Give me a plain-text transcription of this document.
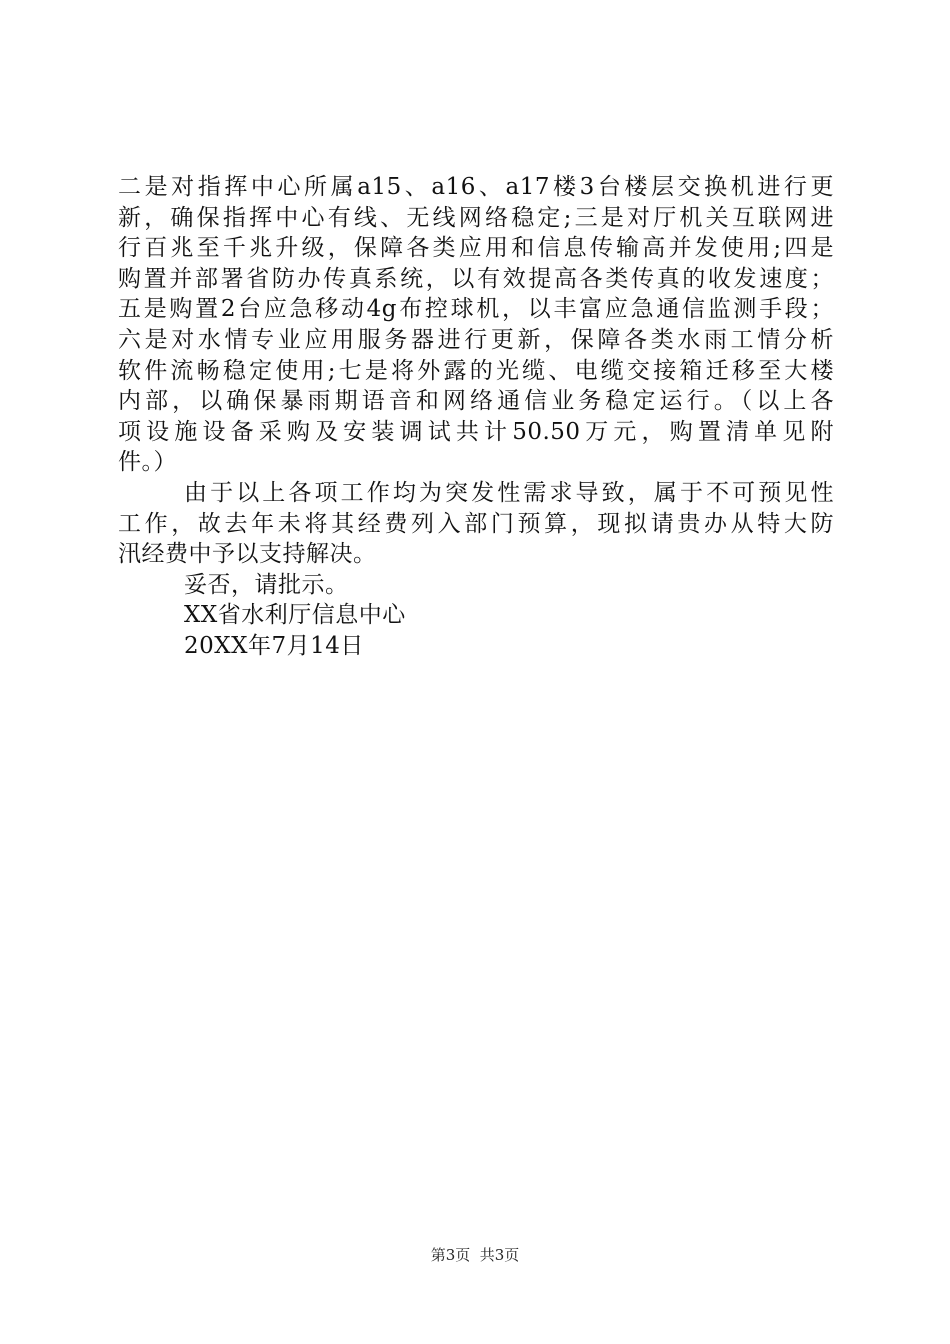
二是对指挥中心所属a15、a16、a17楼3台楼层交换机进行更
新，确保指挥中心有线、无线网络稳定;三是对厅机关互联网进
行百兆至千兆升级，保障各类应用和信息传输高并发使用;四是
购置并部署省防办传真系统，以有效提高各类传真的收发速度；
五是购置2台应急移动4g布控球机，以丰富应急通信监测手段；
六是对水情专业应用服务器进行更新，保障各类水雨工情分析
软件流畅稳定使用;七是将外露的光缆、电缆交接箱迁移至大楼
内部，以确保暴雨期语音和网络通信业务稳定运行。（以上各
项设施设备采购及安装调试共计50.50万元，购置清单见附
件。）
由于以上各项工作均为突发性需求导致，属于不可预见性
工作，故去年未将其经费列入部门预算，现拟请贵办从特大防
汛经费中予以支持解决。
妥否，请批示。
XX省水利厅信息中心
20XX年7月14日
第3页  共3页
